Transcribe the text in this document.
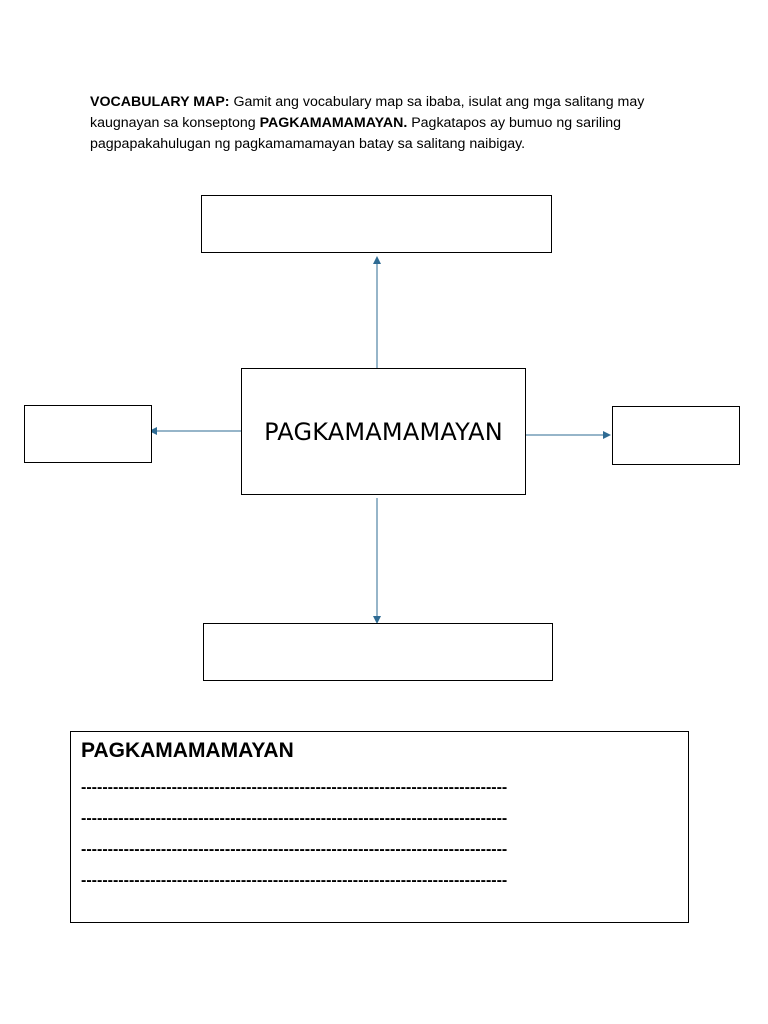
VOCABULARY MAP: Gamit ang vocabulary map sa ibaba, isulat ang mga salitang may kaugnayan sa konseptong PAGKAMAMAMAYAN. Pagkatapos ay bumuo ng sariling pagpapakahulugan ng pagkamamamayan batay sa salitang naibigay.

PAGKAMAMAMAYAN
PAGKAMAMAMAYAN
--------------------------------------------------------------------------------
--------------------------------------------------------------------------------
--------------------------------------------------------------------------------
--------------------------------------------------------------------------------
